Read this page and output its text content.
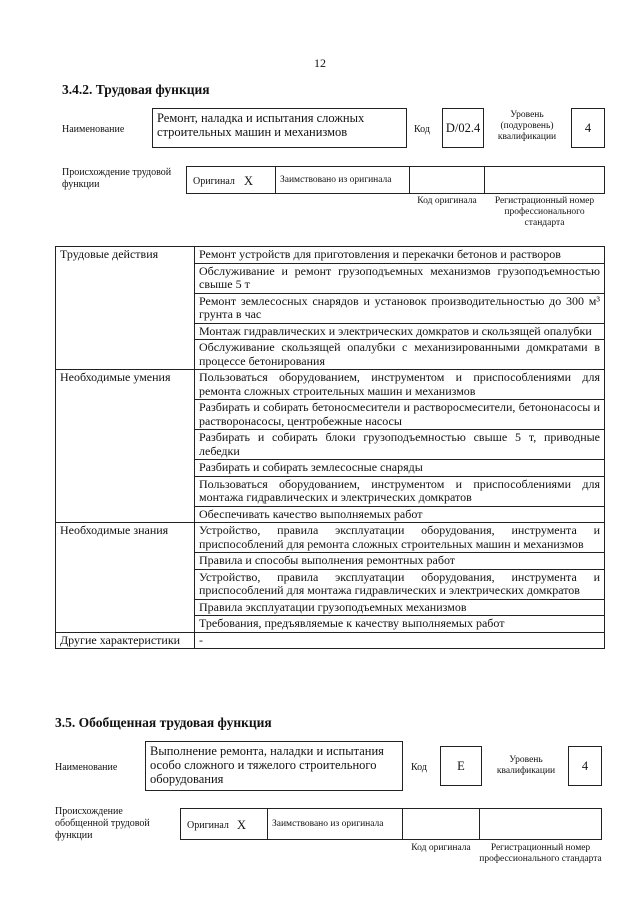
12
3.4.2. Трудовая функция
Наименование
Ремонт, наладка и испытания сложных строительных машин и механизмов	Код D/02.4
Уровень (подуровень) квалификации
4
Происхождение трудовой функции	Оригинал X	Заимствовано из оригинала
Код оригинала	Регистрационный номер профессионального стандарта
Трудовые действия	Ремонт устройств для приготовления и перекачки бетонов и растворов
	Обслуживание и ремонт грузоподъемных механизмов грузоподъемностью свыше 5 т
	Ремонт землесосных снарядов и установок производительностью до 300 м³ грунта в час
	Монтаж гидравлических и электрических домкратов и скользящей опалубки
	Обслуживание скользящей опалубки с механизированными домкратами в процессе бетонирования
Необходимые умения	Пользоваться оборудованием, инструментом и приспособлениями для ремонта сложных строительных машин и механизмов
	Разбирать и собирать бетоносмесители и растворосмесители, бетононасосы и растворонасосы, центробежные насосы
	Разбирать и собирать блоки грузоподъемностью свыше 5 т, приводные лебедки
	Разбирать и собирать землесосные снаряды
	Пользоваться оборудованием, инструментом и приспособлениями для монтажа гидравлических и электрических домкратов
	Обеспечивать качество выполняемых работ
Необходимые знания	Устройство, правила эксплуатации оборудования, инструмента и приспособлений для ремонта сложных строительных машин и механизмов
	Правила и способы выполнения ремонтных работ
	Устройство, правила эксплуатации оборудования, инструмента и приспособлений для монтажа гидравлических и электрических домкратов
	Правила эксплуатации грузоподъемных механизмов
	Требования, предъявляемые к качеству выполняемых работ
Другие характеристики	-
3.5. Обобщенная трудовая функция
Наименование
Выполнение ремонта, наладки и испытания особо сложного и тяжелого строительного оборудования
Код E	Уровень квалификации	4
Происхождение обобщенной трудовой функции
Оригинал X	Заимствовано из оригинала
Код оригинала	Регистрационный номер профессионального стандарта
